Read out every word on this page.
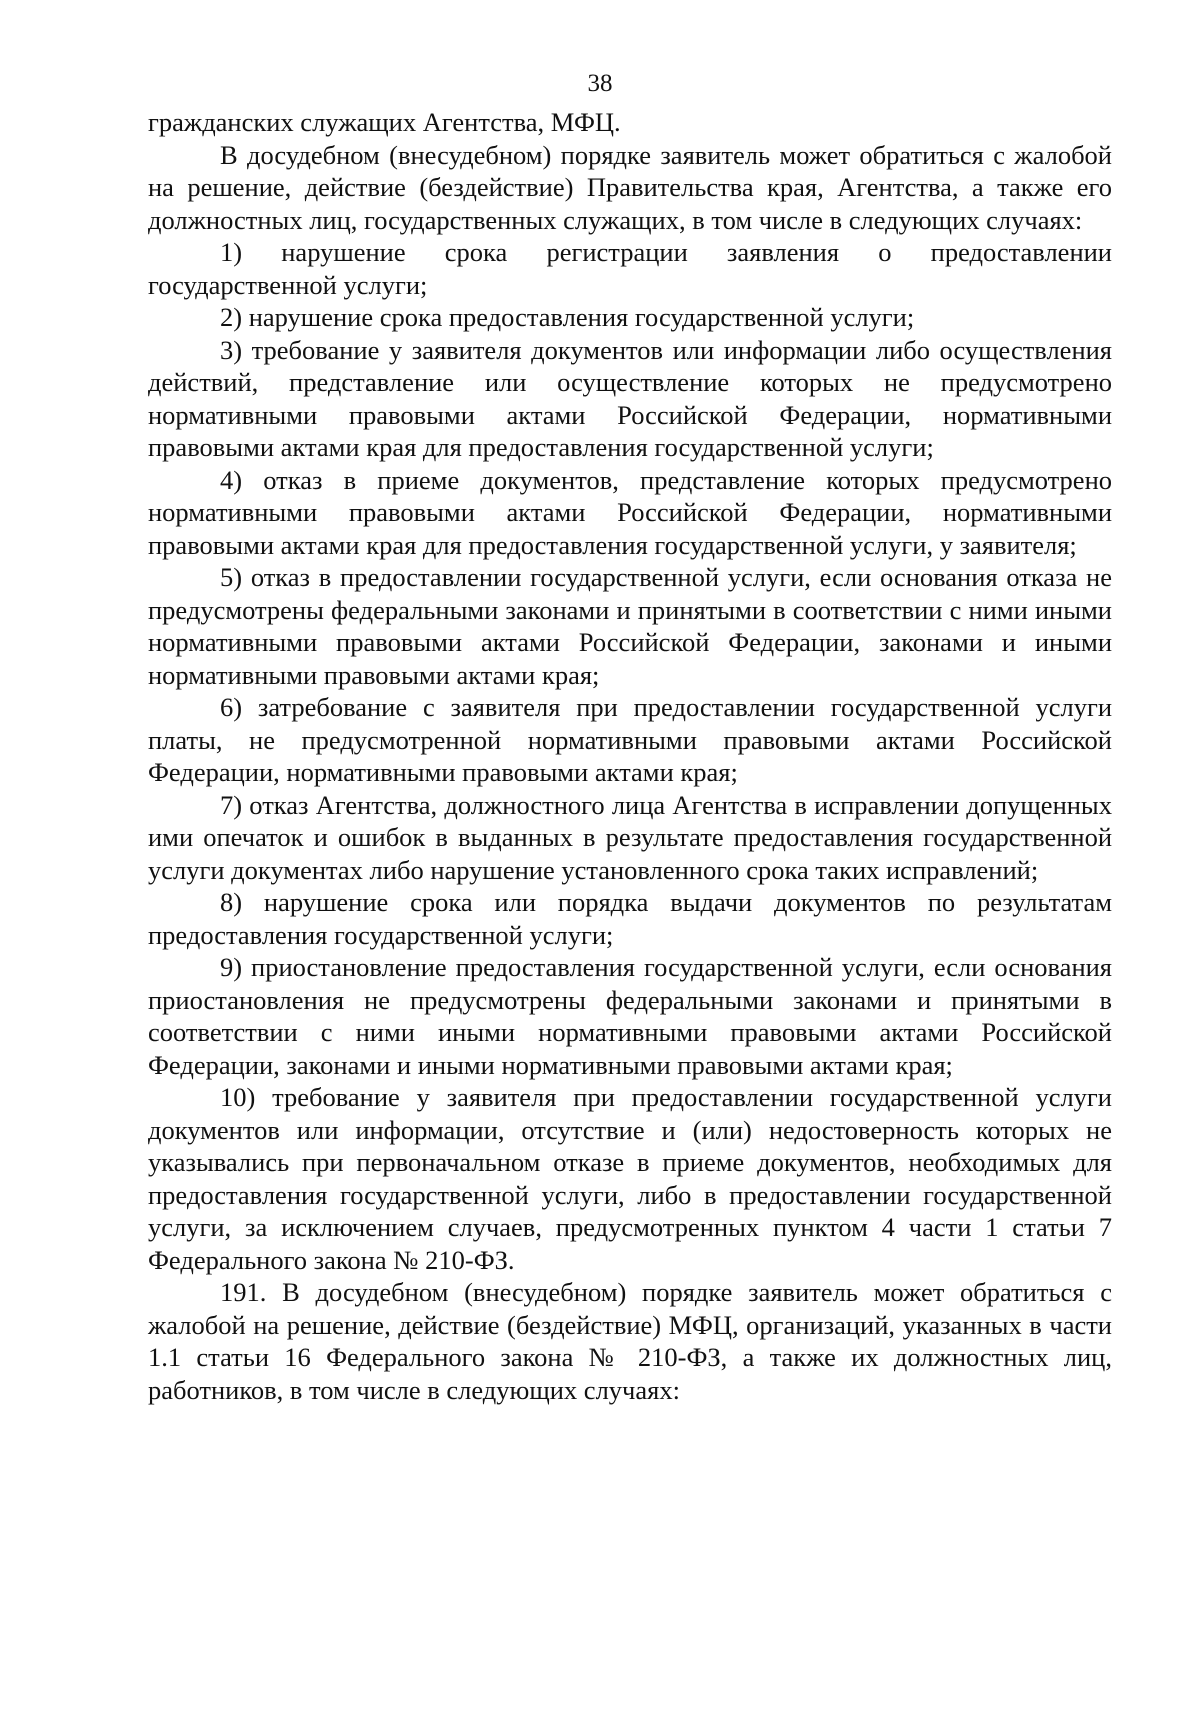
38

гражданских служащих Агентства, МФЦ.

В досудебном (внесудебном) порядке заявитель может обратиться с жалобой на решение, действие (бездействие) Правительства края, Агентства, а также его должностных лиц, государственных служащих, в том числе в следующих случаях:

1) нарушение срока регистрации заявления о предоставлении государственной услуги;

2) нарушение срока предоставления государственной услуги;

3) требование у заявителя документов или информации либо осуществления действий, представление или осуществление которых не предусмотрено нормативными правовыми актами Российской Федерации, нормативными правовыми актами края для предоставления государственной услуги;

4) отказ в приеме документов, представление которых предусмотрено нормативными правовыми актами Российской Федерации, нормативными правовыми актами края для предоставления государственной услуги, у заявителя;

5) отказ в предоставлении государственной услуги, если основания отказа не предусмотрены федеральными законами и принятыми в соответствии с ними иными нормативными правовыми актами Российской Федерации, законами и иными нормативными правовыми актами края;

6) затребование с заявителя при предоставлении государственной услуги платы, не предусмотренной нормативными правовыми актами Российской Федерации, нормативными правовыми актами края;

7) отказ Агентства, должностного лица Агентства в исправлении допущенных ими опечаток и ошибок в выданных в результате предоставления государственной услуги документах либо нарушение установленного срока таких исправлений;

8) нарушение срока или порядка выдачи документов по результатам предоставления государственной услуги;

9) приостановление предоставления государственной услуги, если основания приостановления не предусмотрены федеральными законами и принятыми в соответствии с ними иными нормативными правовыми актами Российской Федерации, законами и иными нормативными правовыми актами края;

10) требование у заявителя при предоставлении государственной услуги документов или информации, отсутствие и (или) недостоверность которых не указывались при первоначальном отказе в приеме документов, необходимых для предоставления государственной услуги, либо в предоставлении государственной услуги, за исключением случаев, предусмотренных пунктом 4 части 1 статьи 7 Федерального закона № 210-ФЗ.

191. В досудебном (внесудебном) порядке заявитель может обратиться с жалобой на решение, действие (бездействие) МФЦ, организаций, указанных в части 1.1 статьи 16 Федерального закона № 210-ФЗ, а также их должностных лиц, работников, в том числе в следующих случаях:
